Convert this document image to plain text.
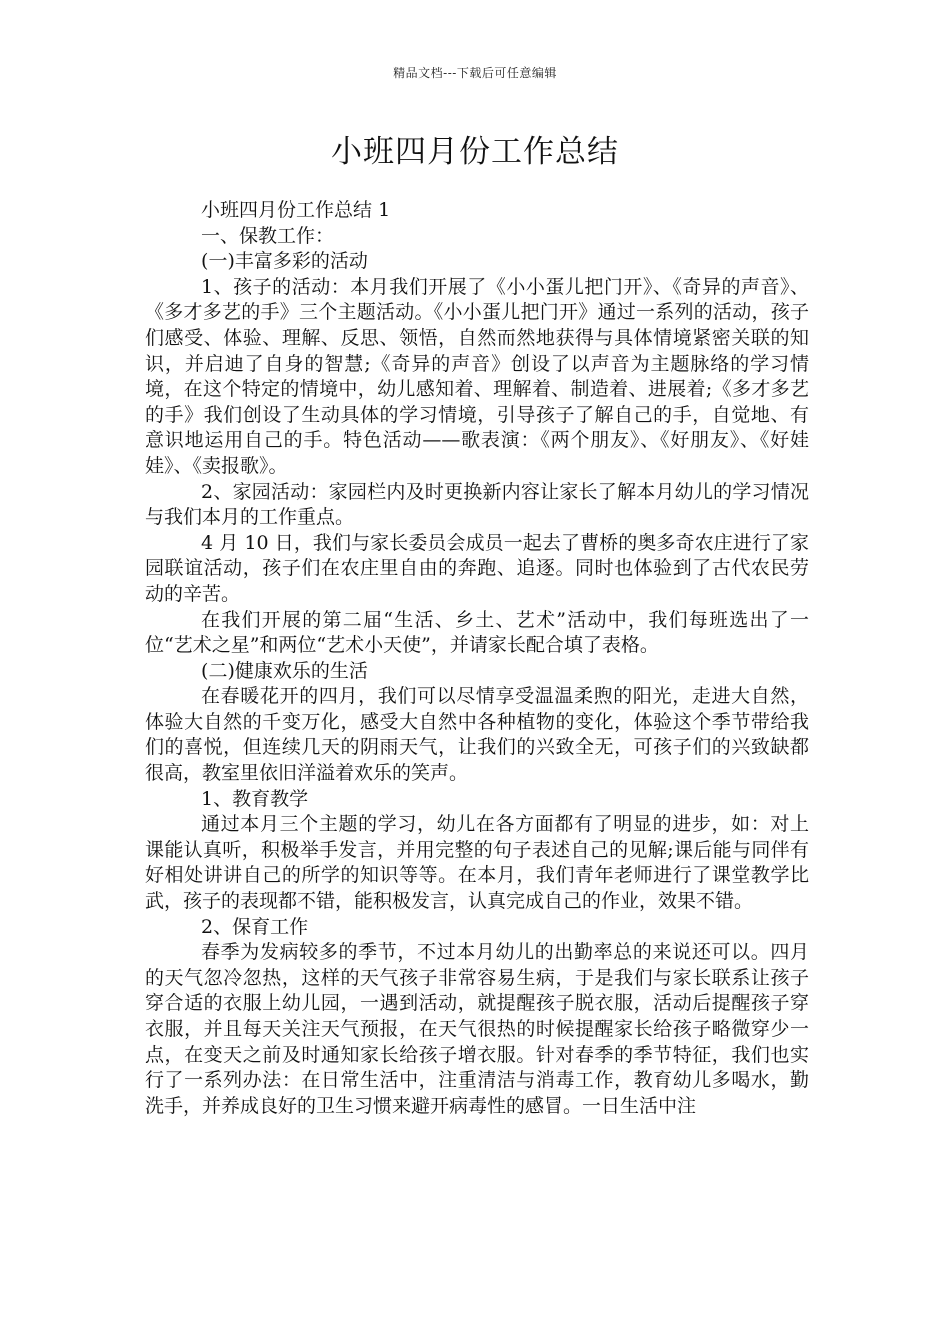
精品文档---下载后可任意编辑
小班四月份工作总结

小班四月份工作总结 1

一、保教工作：

(一)丰富多彩的活动

1、孩子的活动：本月我们开展了《小小蛋儿把门开》、《奇异的声音》、《多才多艺的手》三个主题活动。《小小蛋儿把门开》通过一系列的活动，孩子们感受、体验、理解、反思、领悟，自然而然地获得与具体情境紧密关联的知识，并启迪了自身的智慧;《奇异的声音》创设了以声音为主题脉络的学习情境，在这个特定的情境中，幼儿感知着、理解着、制造着、进展着;《多才多艺的手》我们创设了生动具体的学习情境，引导孩子了解自己的手，自觉地、有意识地运用自己的手。特色活动——歌表演：《两个朋友》、《好朋友》、《好娃娃》、《卖报歌》。

2、家园活动：家园栏内及时更换新内容让家长了解本月幼儿的学习情况与我们本月的工作重点。

4 月 10 日，我们与家长委员会成员一起去了曹桥的奥多奇农庄进行了家园联谊活动，孩子们在农庄里自由的奔跑、追逐。同时也体验到了古代农民劳动的辛苦。

在我们开展的第二届“生活、乡土、艺术”活动中，我们每班选出了一位“艺术之星”和两位“艺术小天使”，并请家长配合填了表格。

(二)健康欢乐的生活

在春暖花开的四月，我们可以尽情享受温温柔煦的阳光，走进大自然，体验大自然的千变万化，感受大自然中各种植物的变化，体验这个季节带给我们的喜悦，但连续几天的阴雨天气，让我们的兴致全无，可孩子们的兴致缺都很高，教室里依旧洋溢着欢乐的笑声。

1、教育教学

通过本月三个主题的学习，幼儿在各方面都有了明显的进步，如：对上课能认真听，积极举手发言，并用完整的句子表述自己的见解;课后能与同伴有好相处讲讲自己的所学的知识等等。在本月，我们青年老师进行了课堂教学比武，孩子的表现都不错，能积极发言，认真完成自己的作业，效果不错。

2、保育工作

春季为发病较多的季节，不过本月幼儿的出勤率总的来说还可以。四月的天气忽冷忽热，这样的天气孩子非常容易生病，于是我们与家长联系让孩子穿合适的衣服上幼儿园，一遇到活动，就提醒孩子脱衣服，活动后提醒孩子穿衣服，并且每天关注天气预报，在天气很热的时候提醒家长给孩子略微穿少一点，在变天之前及时通知家长给孩子增衣服。针对春季的季节特征，我们也实行了一系列办法：在日常生活中，注重清洁与消毒工作，教育幼儿多喝水，勤洗手，并养成良好的卫生习惯来避开病毒性的感冒。一日生活中注
